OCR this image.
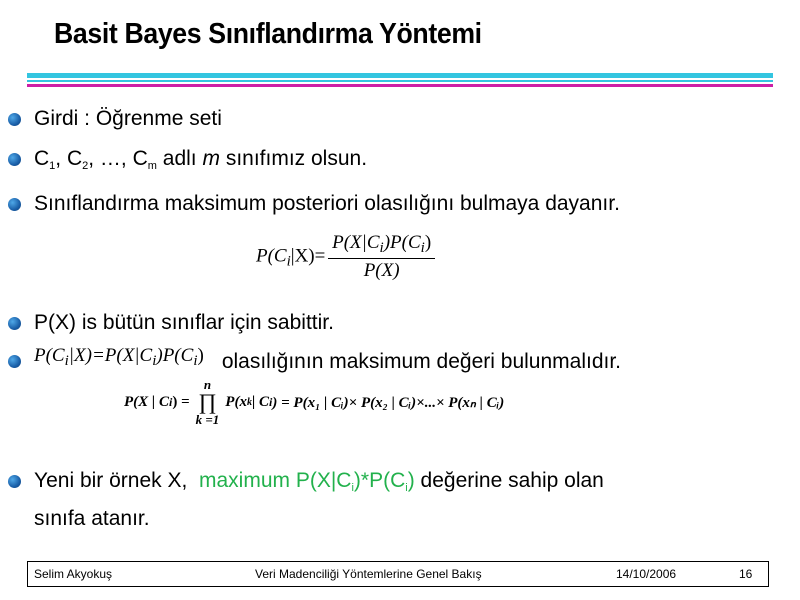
Basit Bayes Sınıflandırma Yöntemi
Girdi : Öğrenme seti
$C_1$, $C_2$, …, $C_m$ adlı m sınıfımız olsun.
Sınıflandırma maksimum posteriori olasılığını bulmaya dayanır.
$P(C_i|X)= \frac{P(X|C_i)P(C_i)}{P(X)}$
P(X) is bütün sınıflar için sabittir.
$P(C_i|X)=P(X|C_i)P(C_i)$ olasılığının maksimum değeri bulunmalıdır.
P(X | C i ) =
n
∏
k =1
P(x k | C i ) = P(x₁ | Cᵢ)× P(x₂ | Cᵢ)×...× P(xₙ | Cᵢ)
Yeni bir örnek X, maximum $P(X|C_i)*P(C_i)$ değerine sahip olan
sınıfa atanır.
Selim Akyokuş	Veri Madenciliği Yöntemlerine Genel Bakış	14/10/2006	16
